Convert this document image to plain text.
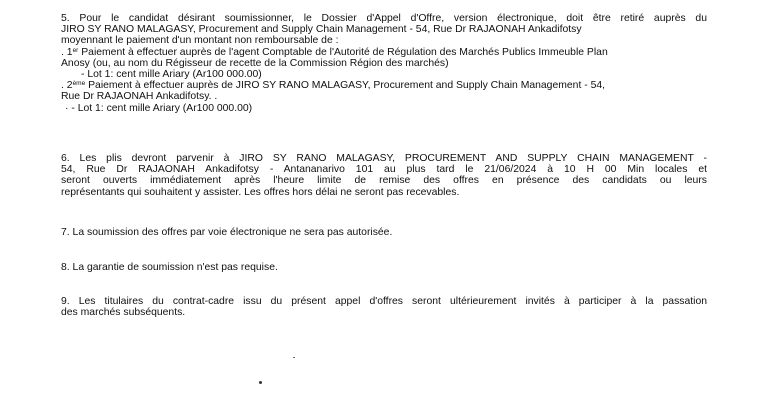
5. Pour le candidat désirant soumissionner, le Dossier d'Appel d'Offre, version électronique, doit être retiré auprès du
JIRO SY RANO MALAGASY, Procurement and Supply Chain Management - 54, Rue Dr RAJAONAH Ankadifotsy
moyennant le paiement d'un montant non remboursable de :
. 1er Paiement à effectuer auprès de l'agent Comptable de l'Autorité de Régulation des Marchés Publics Immeuble Plan
Anosy (ou, au nom du Régisseur de recette de la Commission Région des marchés)
- Lot 1: cent mille Ariary (Ar100 000.00)
. 2ème Paiement à effectuer auprès de JIRO SY RANO MALAGASY, Procurement and Supply Chain Management - 54,
Rue Dr RAJAONAH Ankadifotsy. .
· - Lot 1: cent mille Ariary (Ar100 000.00)
6. Les plis devront parvenir à JIRO SY RANO MALAGASY, PROCUREMENT AND SUPPLY CHAIN MANAGEMENT -
54, Rue Dr RAJAONAH Ankadifotsy - Antananarivo 101 au plus tard le 21/06/2024 à 10 H 00 Min locales et
seront ouverts immédiatement après l'heure limite de remise des offres en présence des candidats ou leurs
représentants qui souhaitent y assister. Les offres hors délai ne seront pas recevables.
7. La soumission des offres par voie électronique ne sera pas autorisée.
8. La garantie de soumission n'est pas requise.
9. Les titulaires du contrat-cadre issu du présent appel d'offres seront ultérieurement invités à participer à la passation
des marchés subséquents.
